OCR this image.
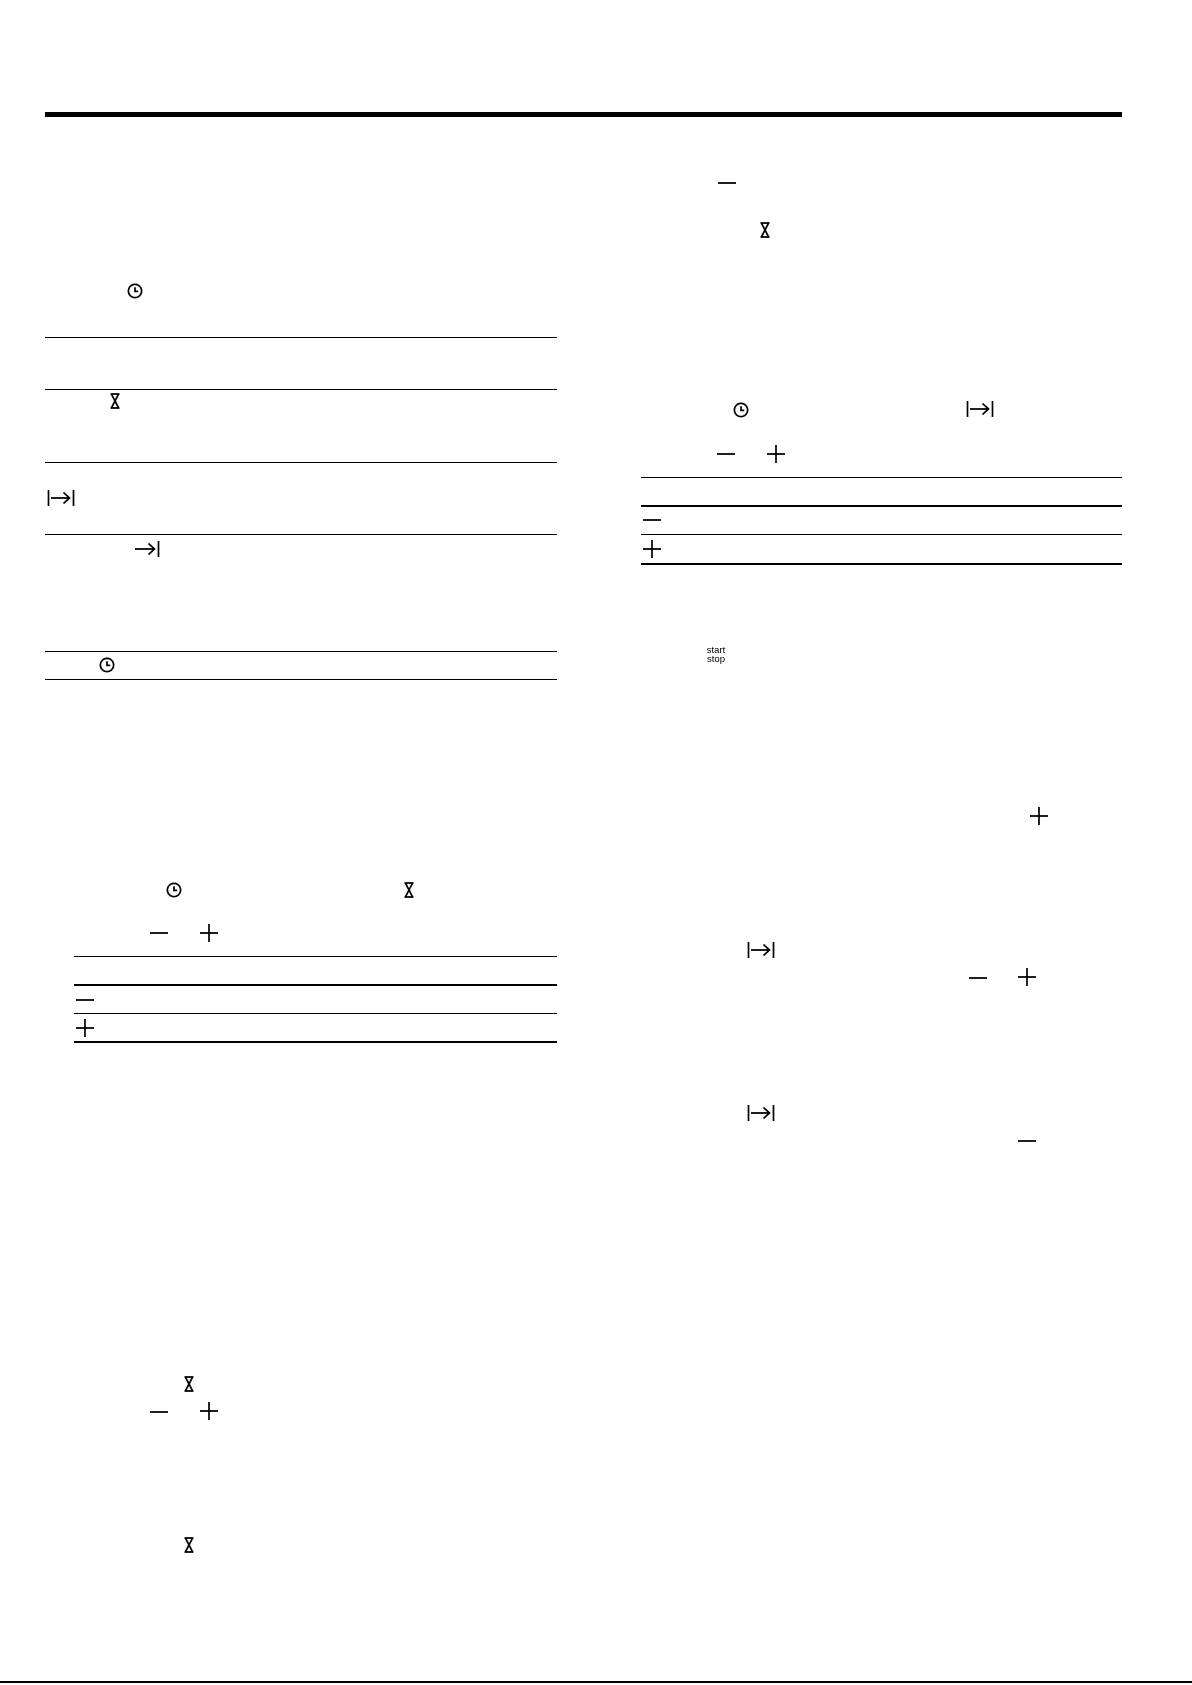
start
stop
